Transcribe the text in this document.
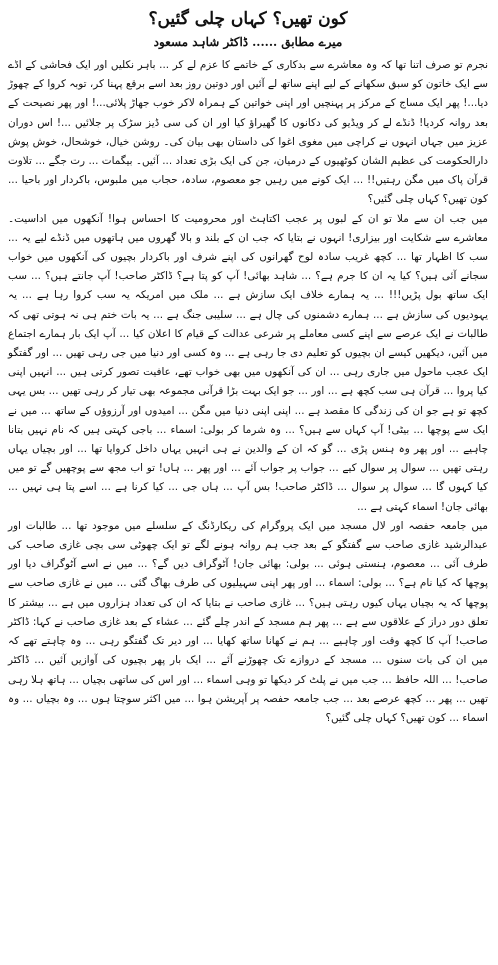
کون تھیں؟ کہاں چلی گئیں؟
میرے مطابق......ڈاکٹر شاہد مسعود

نجرم تو صرف اتنا تھا کہ وہ معاشرے سے بدکاری کے خاتمے کا عزم لے کر ... باہر نکلیں اور ایک فحاشی کے اڈے سے ایک خاتون کو سبق سکھانے کے لیے اپنے ساتھ لے آئیں اور دوتین روز بعد اسے برقع پہنا کر، توبہ کروا کے چھوڑ دیا...! پھر ایک مساج کے مرکز پر پہنچیں اور اپنی خواتین کے ہمراہ لاکر خوب جھاڑ پلائی...! اور پھر نصیحت کے بعد روانہ کردیا! ڈنڈے لے کر ویڈیو کی دکانوں کا گھیراؤ کیا اور ان کی سی ڈیز سڑک پر جلائیں ...! اس دوران عزیز میں جہاں انہوں نے کراچی میں مغوی اغوا کی داستان بھی بیان کی۔ روشن خیال، خوشحال، خوش پوش دارالحکومت کی عظیم الشان کوٹھیوں کے درمیان، جن کی ایک بڑی تعداد ... آئیں۔ بیگمات ... رت جگے ... تلاوت قرآن پاک میں مگن رہتیں!! ... ایک کونے میں رہیں جو معصوم، سادہ، حجاب میں ملبوس، باکردار اور باحیا ... کون تھیں؟ کہاں چلی گئیں؟

میں جب ان سے ملا تو ان کے لبوں پر عجب اکتاہٹ اور محرومیت کا احساس ہوا! آنکھوں میں اداسیت۔ معاشرے سے شکایت اور بیزاری! انہوں نے بتایا کہ جب ان کے بلند و بالا گھروں میں ہاتھوں میں ڈنڈے لیے یہ ... سب کا اظہار تھا ... کچھ غریب سادہ لوح گھرانوں کی اپنے شرف اور باکردار بچیوں کی آنکھوں میں خواب سجانے آئی ہیں؟ کیا یہ ان کا جرم ہے؟ ... شاہد بھائی! آپ کو پتا ہے؟ ڈاکٹر صاحب! آپ جانتے ہیں؟ ... سب ایک ساتھ بول پڑیں!!! ... یہ ہمارے خلاف ایک سازش ہے ... ملک میں امریکہ یہ سب کروا رہا ہے ... یہ یہودیوں کی سازش ہے ... ہمارے دشمنوں کی چال ہے ... سلیبی جنگ ہے ... یہ بات ختم ہی نہ ہوتی تھی کہ طالبات نے ایک عرصے سے اپنے کسی معاملے پر شرعی عدالت کے قیام کا اعلان کیا ... آپ ایک بار ہمارے اجتماع میں آئیں، دیکھیں کیسے ان بچیوں کو تعلیم دی جا رہی ہے ... وہ کسی اور دنیا میں جی رہی تھیں ... اور گفتگو ایک عجب ماحول میں جاری رہی ... ان کی آنکھوں میں بھی خواب تھے، عافیت تصور کرتی ہیں ... انہیں اپنی کیا پروا ... قرآن ہی سب کچھ ہے ... اور ... جو ایک بہت بڑا قرآنی مجموعہ بھی تیار کر رہی تھیں ... بس یہی کچھ تو ہے جو ان کی زندگی کا مقصد ہے ... اپنی اپنی دنیا میں مگن ... امیدوں اور آرزوؤں کے ساتھ ... میں نے ایک سے پوچھا ... بیٹی! آپ کہاں سے ہیں؟ ... وہ شرما کر بولی: اسماء ... باجی کہتی ہیں کہ نام نہیں بتانا چاہیے ... اور پھر وہ ہنس پڑی ... گو کہ ان کے والدین نے ہی انہیں یہاں داخل کروایا تھا ... اور بچیاں یہاں رہتی تھیں ... سوال پر سوال کیے ... جواب پر جواب آئے ... اور پھر ... ہاں! تو اب مجھ سے پوچھیں گے تو میں کیا کہوں گا ... سوال پر سوال ... ڈاکٹر صاحب! بس آپ ... ہاں جی ... کیا کرنا ہے ... اسے پتا ہی نہیں ... بھائی جان! اسماء کہتی ہے ...

میں جامعہ حفصہ اور لال مسجد میں ایک پروگرام کی ریکارڈنگ کے سلسلے میں موجود تھا ... طالبات اور عبدالرشید غازی صاحب سے گفتگو کے بعد جب ہم روانہ ہونے لگے تو ایک چھوٹی سی بچی غازی صاحب کی طرف آئی ... معصوم، ہنستی ہوئی ... بولی: بھائی جان! آٹوگراف دیں گے؟ ... میں نے اسے آٹوگراف دیا اور پوچھا کہ کیا نام ہے؟ ... بولی: اسماء ... اور پھر اپنی سہیلیوں کی طرف بھاگ گئی ... میں نے غازی صاحب سے پوچھا کہ یہ بچیاں یہاں کیوں رہتی ہیں؟ ... غازی صاحب نے بتایا کہ ان کی تعداد ہزاروں میں ہے ... بیشتر کا تعلق دور دراز کے علاقوں سے ہے ... پھر ہم مسجد کے اندر چلے گئے ... عشاء کے بعد غازی صاحب نے کہا: ڈاکٹر صاحب! آپ کا کچھ وقت اور چاہیے ... ہم نے کھانا ساتھ کھایا ... اور دیر تک گفتگو رہی ... وہ چاہتے تھے کہ میں ان کی بات سنوں ... مسجد کے دروازے تک چھوڑنے آئے ... ایک بار پھر بچیوں کی آوازیں آئیں ... ڈاکٹر صاحب! ... اللہ حافظ ... جب میں نے پلٹ کر دیکھا تو وہی اسماء ... اور اس کی ساتھی بچیاں ... ہاتھ ہلا رہی تھیں ... پھر ... کچھ عرصے بعد ... جب جامعہ حفصہ پر آپریشن ہوا ... میں اکثر سوچتا ہوں ... وہ بچیاں ... وہ اسماء ... کون تھیں؟ کہاں چلی گئیں؟
